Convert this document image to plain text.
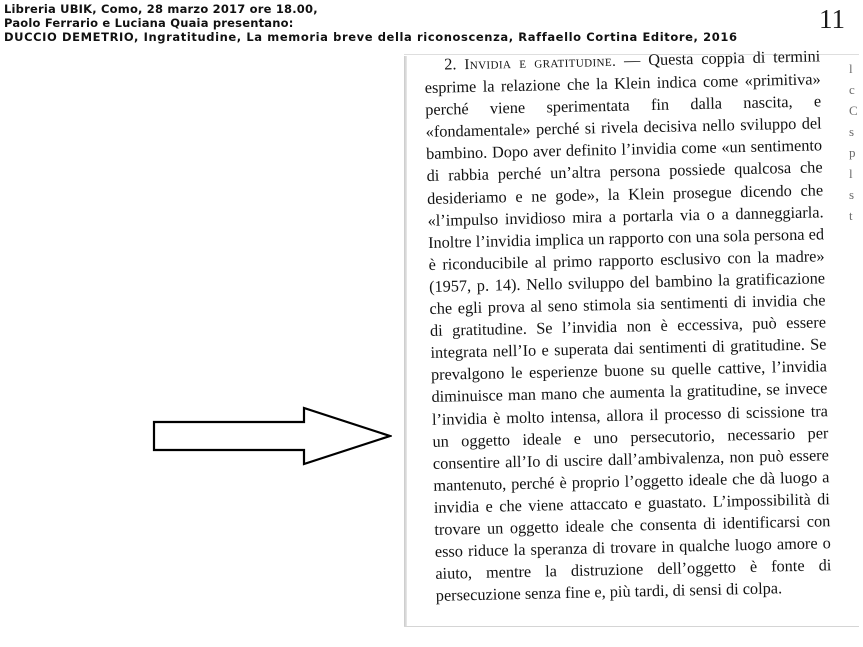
Libreria UBIK, Como, 28 marzo 2017 ore 18.00,
Paolo Ferrario e Luciana Quaia presentano:
DUCCIO DEMETRIO, Ingratitudine, La memoria breve della riconoscenza, Raffaello Cortina Editore, 2016
11

2. Invidia e gratitudine. — Questa coppia di termini esprime la relazione che la Klein indica come «primitiva» perché viene sperimentata fin dalla nascita, e «fondamentale» perché si rivela decisiva nello sviluppo del bambino. Dopo aver definito l’invidia come «un sentimento di rabbia perché un’altra persona possiede qualcosa che desideriamo e ne gode», la Klein prosegue dicendo che «l’impulso invidioso mira a portarla via o a danneggiarla. Inoltre l’invidia implica un rapporto con una sola persona ed è riconducibile al primo rapporto esclusivo con la madre» (1957, p. 14). Nello sviluppo del bambino la gratificazione che egli prova al seno stimola sia sentimenti di invidia che di gratitudine. Se l’invidia non è eccessiva, può essere integrata nell’Io e superata dai sentimenti di gratitudine. Se prevalgono le esperienze buone su quelle cattive, l’invidia diminuisce man mano che aumenta la gratitudine, se invece l’invidia è molto intensa, allora il processo di scissione tra un oggetto ideale e uno persecutorio, necessario per consentire all’Io di uscire dall’ambivalenza, non può essere mantenuto, perché è proprio l’oggetto ideale che dà luogo a invidia e che viene attaccato e guastato. L’impossibilità di trovare un oggetto ideale che consenta di identificarsi con esso riduce la speranza di trovare in qualche luogo amore o aiuto, mentre la distruzione dell’oggetto è fonte di persecuzione senza fine e, più tardi, di sensi di colpa.

l
c
C
s
p
l
s
t
